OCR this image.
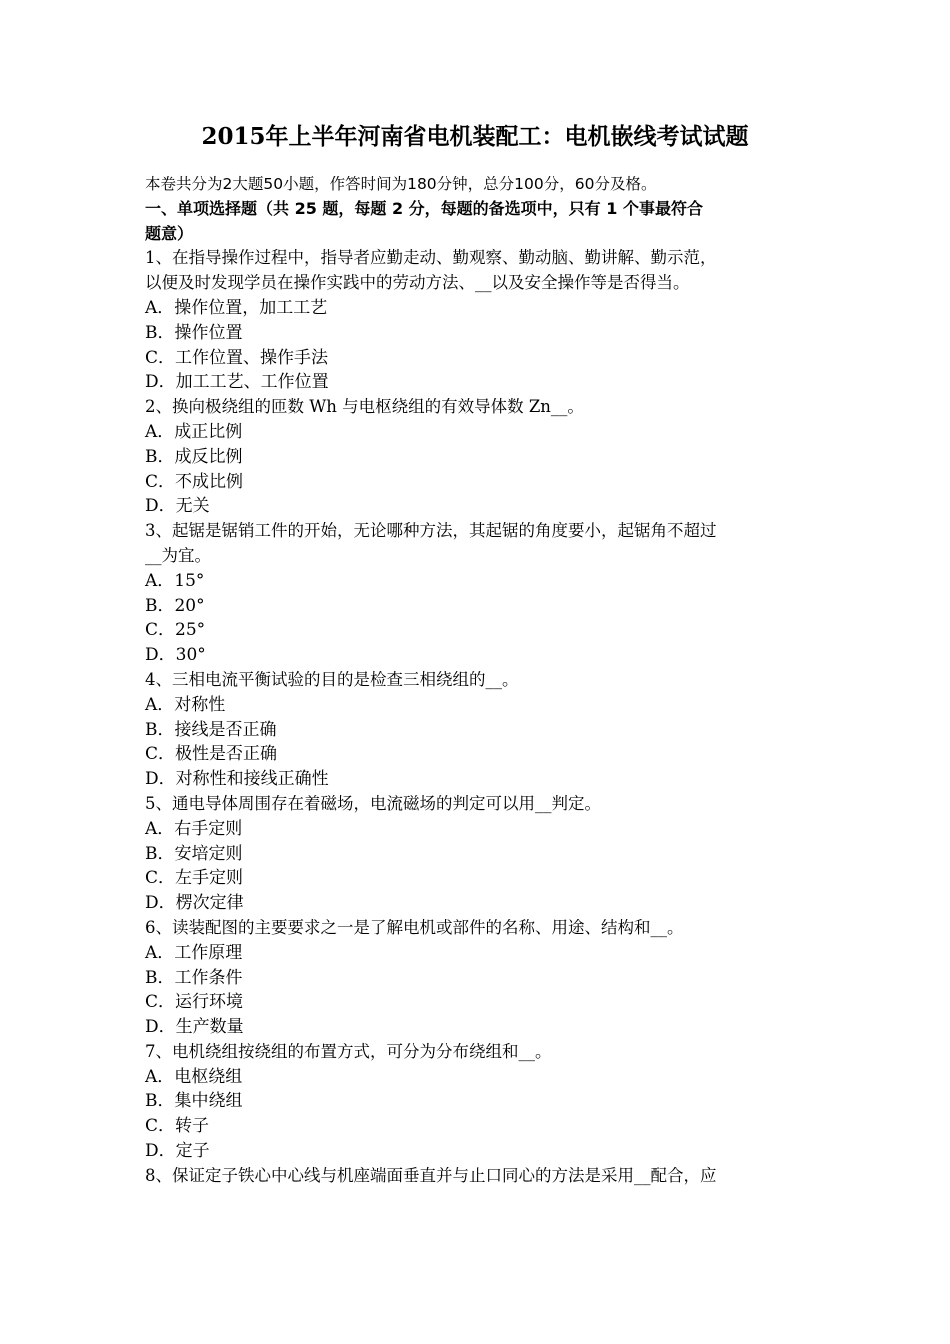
2015年上半年河南省电机装配工：电机嵌线考试试题
本卷共分为2大题50小题，作答时间为180分钟，总分100分，60分及格。
一、单项选择题（共 25 题，每题 2 分，每题的备选项中，只有 1 个事最符合
题意）
1、在指导操作过程中，指导者应勤走动、勤观察、勤动脑、勤讲解、勤示范，
以便及时发现学员在操作实践中的劳动方法、__以及安全操作等是否得当。
A．操作位置，加工工艺
B．操作位置
C．工作位置、操作手法
D．加工工艺、工作位置
2、换向极绕组的匝数 Wh 与电枢绕组的有效导体数 Zn__。
A．成正比例
B．成反比例
C．不成比例
D．无关
3、起锯是锯销工件的开始，无论哪种方法，其起锯的角度要小，起锯角不超过
__为宜。
A．15°
B．20°
C．25°
D．30°
4、三相电流平衡试验的目的是检查三相绕组的__。
A．对称性
B．接线是否正确
C．极性是否正确
D．对称性和接线正确性
5、通电导体周围存在着磁场，电流磁场的判定可以用__判定。
A．右手定则
B．安培定则
C．左手定则
D．楞次定律
6、读装配图的主要要求之一是了解电机或部件的名称、用途、结构和__。
A．工作原理
B．工作条件
C．运行环境
D．生产数量
7、电机绕组按绕组的布置方式，可分为分布绕组和__。
A．电枢绕组
B．集中绕组
C．转子
D．定子
8、保证定子铁心中心线与机座端面垂直并与止口同心的方法是采用__配合，应
